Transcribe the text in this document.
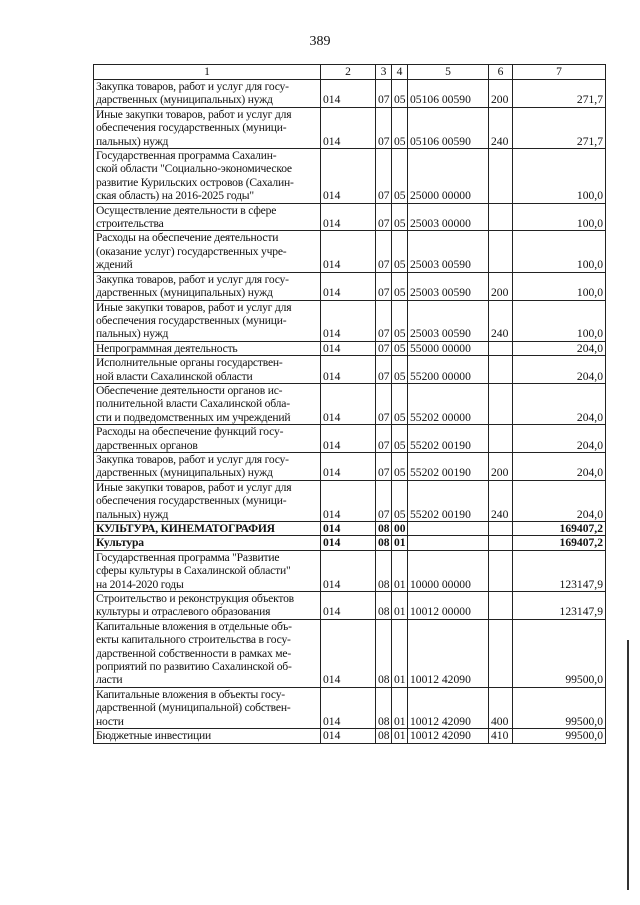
389
1	2	3	4	5	6	7
Закупка товаров, работ и услуг для госу-
дарственных (муниципальных) нужд	014	07	05	05106 00590	200	271,7
Иные закупки товаров, работ и услуг для
обеспечения государственных (муници-
пальных) нужд	014	07	05	05106 00590	240	271,7
Государственная программа Сахалин-
ской области "Социально-экономическое
развитие Курильских островов (Сахалин-
ская область) на 2016-2025 годы"	014	07	05	25000 00000		100,0
Осуществление деятельности в сфере
строительства	014	07	05	25003 00000		100,0
Расходы на обеспечение деятельности
(оказание услуг) государственных учре-
ждений	014	07	05	25003 00590		100,0
Закупка товаров, работ и услуг для госу-
дарственных (муниципальных) нужд	014	07	05	25003 00590	200	100,0
Иные закупки товаров, работ и услуг для
обеспечения государственных (муници-
пальных) нужд	014	07	05	25003 00590	240	100,0
Непрограммная деятельность	014	07	05	55000 00000		204,0
Исполнительные органы государствен-
ной власти Сахалинской области	014	07	05	55200 00000		204,0
Обеспечение деятельности органов ис-
полнительной власти Сахалинской обла-
сти и подведомственных им учреждений	014	07	05	55202 00000		204,0
Расходы на обеспечение функций госу-
дарственных органов	014	07	05	55202 00190		204,0
Закупка товаров, работ и услуг для госу-
дарственных (муниципальных) нужд	014	07	05	55202 00190	200	204,0
Иные закупки товаров, работ и услуг для
обеспечения государственных (муници-
пальных) нужд	014	07	05	55202 00190	240	204,0
КУЛЬТУРА, КИНЕМАТОГРАФИЯ	014	08	00			169407,2
Культура	014	08	01			169407,2
Государственная программа "Развитие
сферы культуры в Сахалинской области"
на 2014-2020 годы	014	08	01	10000 00000		123147,9
Строительство и реконструкция объектов
культуры и отраслевого образования	014	08	01	10012 00000		123147,9
Капитальные вложения в отдельные объ-
екты капитального строительства в госу-
дарственной собственности в рамках ме-
роприятий по развитию Сахалинской об-
ласти	014	08	01	10012 42090		99500,0
Капитальные вложения в объекты госу-
дарственной (муниципальной) собствен-
ности	014	08	01	10012 42090	400	99500,0
Бюджетные инвестиции	014	08	01	10012 42090	410	99500,0
